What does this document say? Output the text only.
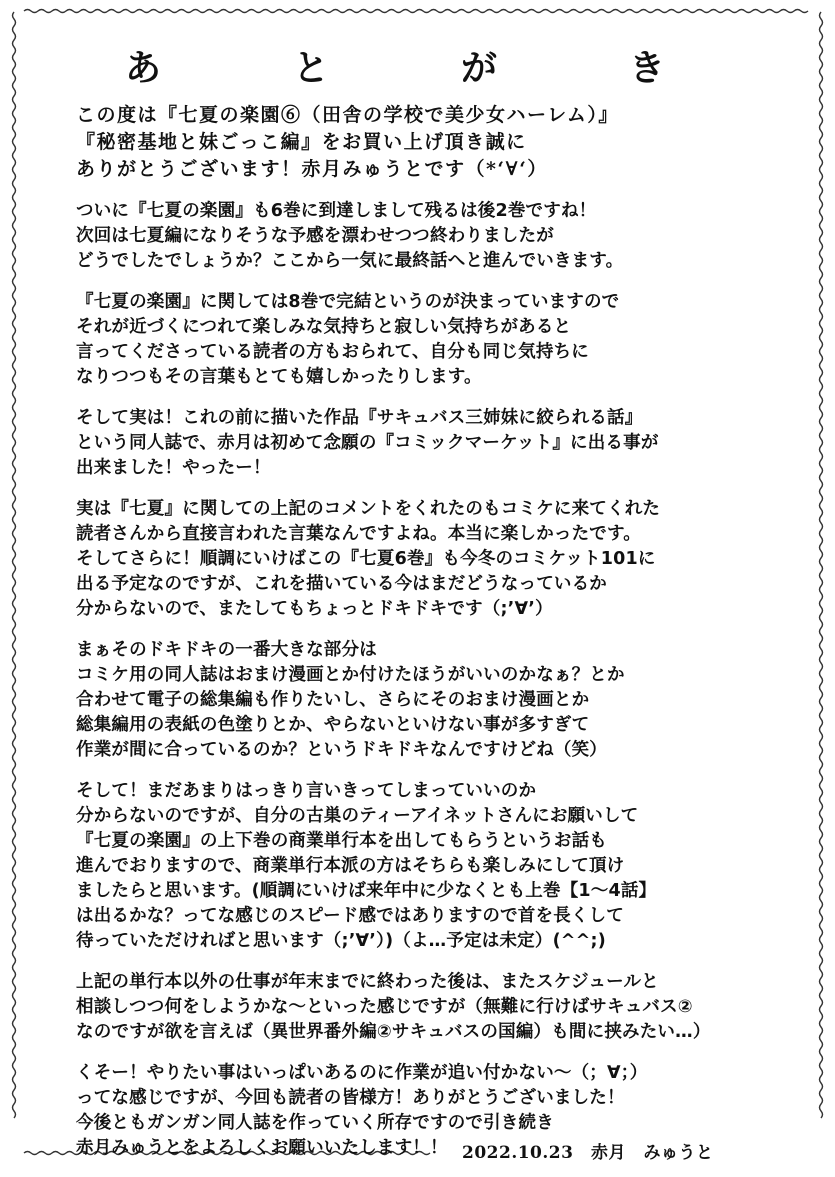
あ	と	が	き
この度は『七夏の楽園⑥（田舎の学校で美少女ハーレム）』
『秘密基地と妹ごっこ編』をお買い上げ頂き誠に
ありがとうございます！赤月みゅうとです（*‘∀‘）
ついに『七夏の楽園』も6巻に到達しまして残るは後2巻ですね！
次回は七夏編になりそうな予感を漂わせつつ終わりましたが
どうでしたでしょうか？ここから一気に最終話へと進んでいきます。
『七夏の楽園』に関しては8巻で完結というのが決まっていますので
それが近づくにつれて楽しみな気持ちと寂しい気持ちがあると
言ってくださっている読者の方もおられて、自分も同じ気持ちに
なりつつもその言葉もとても嬉しかったりします。
そして実は！これの前に描いた作品『サキュバス三姉妹に絞られる話』
という同人誌で、赤月は初めて念願の『コミックマーケット』に出る事が
出来ました！やったー！
実は『七夏』に関しての上記のコメントをくれたのもコミケに来てくれた
読者さんから直接言われた言葉なんですよね。本当に楽しかったです。
そしてさらに！順調にいけばこの『七夏6巻』も今冬のコミケット101に
出る予定なのですが、これを描いている今はまだどうなっているか
分からないので、またしてもちょっとドキドキです（;’∀’）
まぁそのドキドキの一番大きな部分は
コミケ用の同人誌はおまけ漫画とか付けたほうがいいのかなぁ？とか
合わせて電子の総集編も作りたいし、さらにそのおまけ漫画とか
総集編用の表紙の色塗りとか、やらないといけない事が多すぎて
作業が間に合っているのか？というドキドキなんですけどね（笑）
そして！まだあまりはっきり言いきってしまっていいのか
分からないのですが、自分の古巣のティーアイネットさんにお願いして
『七夏の楽園』の上下巻の商業単行本を出してもらうというお話も
進んでおりますので、商業単行本派の方はそちらも楽しみにして頂け
ましたらと思います。(順調にいけば来年中に少なくとも上巻【1～4話】
は出るかな？ってな感じのスピード感ではありますので首を長くして
待っていただければと思います（;’∀’）)（よ…予定は未定）(^^;)
上記の単行本以外の仕事が年末までに終わった後は、またスケジュールと
相談しつつ何をしようかな～といった感じですが（無難に行けばサキュバス②
なのですが欲を言えば（異世界番外編②サキュバスの国編）も間に挟みたい…）
くそー！やりたい事はいっぱいあるのに作業が追い付かない～（；∀；）
ってな感じですが、今回も読者の皆様方！ありがとうございました！
今後ともガンガン同人誌を作っていく所存ですので引き続き
赤月みゅうとをよろしくお願いいたします！！ 2022.10.23　赤月　みゅうと
